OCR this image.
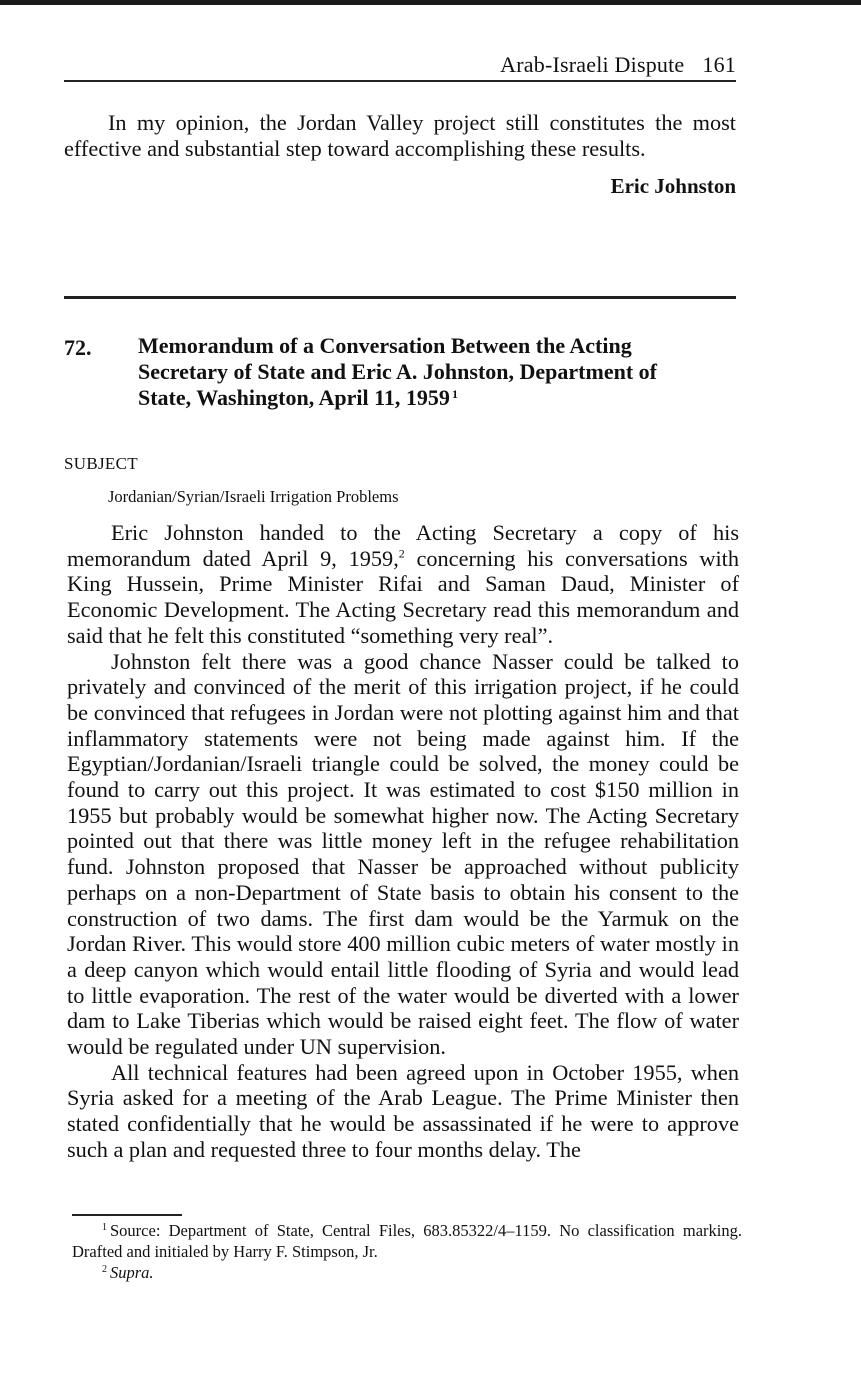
Arab-Israeli Dispute 161

In my opinion, the Jordan Valley project still constitutes the most effective and substantial step toward accomplishing these results.

Eric Johnston
72. Memorandum of a Conversation Between the Acting Secretary of State and Eric A. Johnston, Department of State, Washington, April 11, 1959 $^1$
SUBJECT
Jordanian/Syrian/Israeli Irrigation Problems

Eric Johnston handed to the Acting Secretary a copy of his memorandum dated April 9, 1959,$^2$ concerning his conversations with King Hussein, Prime Minister Rifai and Saman Daud, Minister of Economic Development. The Acting Secretary read this memorandum and said that he felt this constituted “something very real”.

Johnston felt there was a good chance Nasser could be talked to privately and convinced of the merit of this irrigation project, if he could be convinced that refugees in Jordan were not plotting against him and that inflammatory statements were not being made against him. If the Egyptian/Jordanian/Israeli triangle could be solved, the money could be found to carry out this project. It was estimated to cost $150 million in 1955 but probably would be somewhat higher now. The Acting Secretary pointed out that there was little money left in the refugee rehabilitation fund. Johnston proposed that Nasser be approached without publicity perhaps on a non-Department of State basis to obtain his consent to the construction of two dams. The first dam would be the Yarmuk on the Jordan River. This would store 400 million cubic meters of water mostly in a deep canyon which would entail little flooding of Syria and would lead to little evaporation. The rest of the water would be diverted with a lower dam to Lake Tiberias which would be raised eight feet. The flow of water would be regulated under UN supervision.

All technical features had been agreed upon in October 1955, when Syria asked for a meeting of the Arab League. The Prime Minister then stated confidentially that he would be assassinated if he were to approve such a plan and requested three to four months delay. The

$^1$ Source: Department of State, Central Files, 683.85322/4–1159. No classification marking. Drafted and initialed by Harry F. Stimpson, Jr.

$^2$ Supra.
